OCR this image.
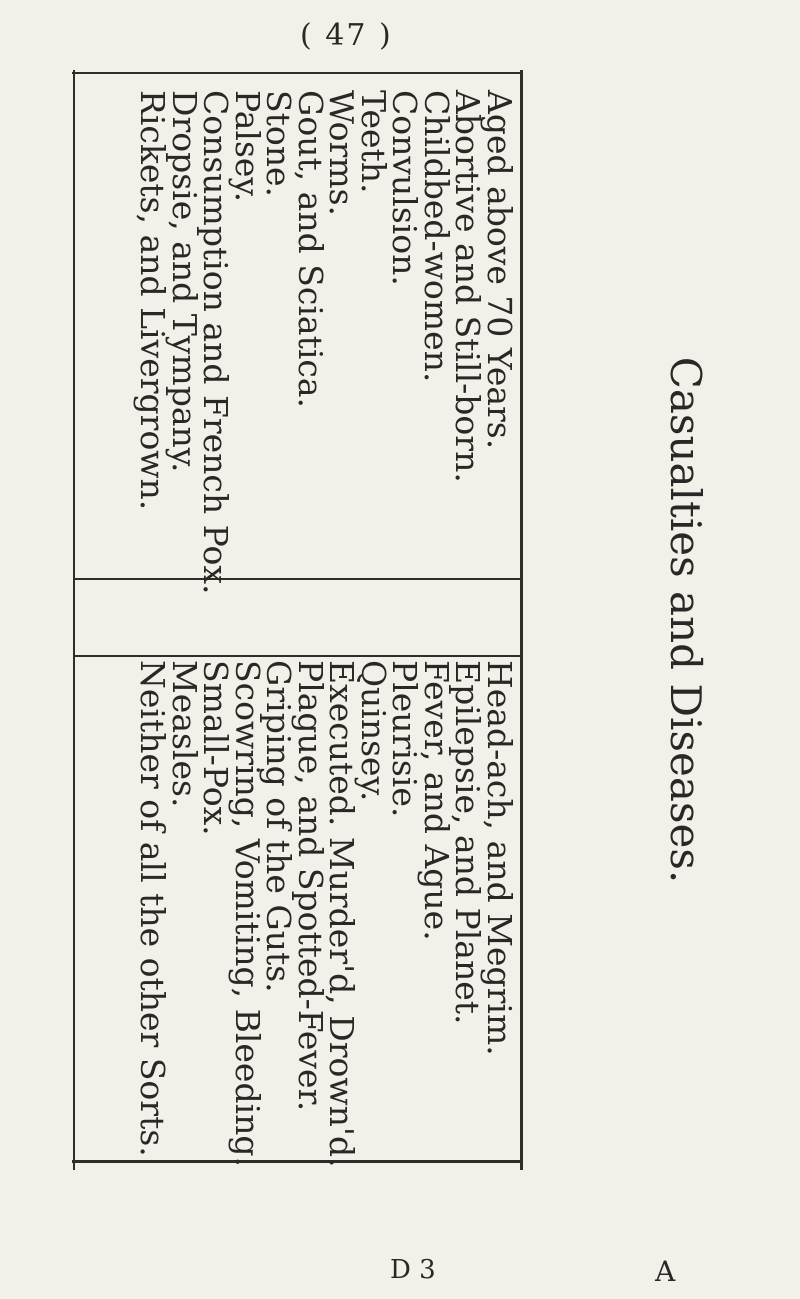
( 47 )
Casualties and Diseases.
Aged above 70 Years.
Abortive and Still-born.
Childbed-women.
Convulsion.
Teeth.
Worms.
Gout, and Sciatica.
Stone.
Palsey.
Consumption and French Pox.
Dropsie, and Tympany.
Rickets, and Livergrown.
Head-ach, and Megrim.
Epilepsie, and Planet.
Fever, and Ague.
Pleurisie.
Quinsey.
Executed. Murder'd, Drown'd.
Plague, and Spotted-Fever.
Griping of the Guts.
Scowring, Vomiting, Bleeding.
Small-Pox.
Measles.
Neither of all the other Sorts.
D 3	A
